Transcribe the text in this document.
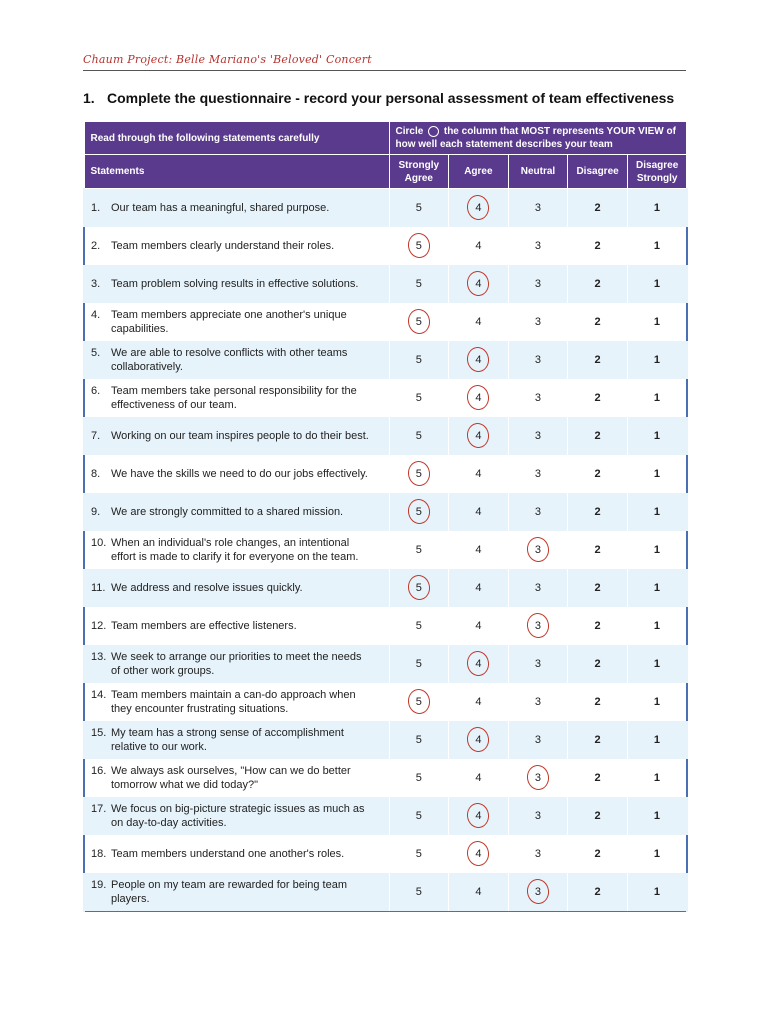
Chaum Project: Belle Mariano's 'Beloved' Concert
1. Complete the questionnaire - record your personal assessment of team effectiveness
Read through the following statements carefully	Circle the column that MOST represents YOUR VIEW of how well each statement describes your team				
Statements	Strongly Agree	Agree	Neutral	Disagree	Disagree Strongly
1. Our team has a meaningful, shared purpose.	5	4	3	2	1
2. Team members clearly understand their roles.	5	4	3	2	1
3. Team problem solving results in effective solutions.	5	4	3	2	1
4. Team members appreciate one another's unique capabilities.	5	4	3	2	1
5. We are able to resolve conflicts with other teams collaboratively.	5	4	3	2	1
6. Team members take personal responsibility for the effectiveness of our team.	5	4	3	2	1
7. Working on our team inspires people to do their best.	5	4	3	2	1
8. We have the skills we need to do our jobs effectively.	5	4	3	2	1
9. We are strongly committed to a shared mission.	5	4	3	2	1
10. When an individual's role changes, an intentional effort is made to clarify it for everyone on the team.	5	4	3	2	1
11. We address and resolve issues quickly.	5	4	3	2	1
12. Team members are effective listeners.	5	4	3	2	1
13. We seek to arrange our priorities to meet the needs of other work groups.	5	4	3	2	1
14. Team members maintain a can-do approach when they encounter frustrating situations.	5	4	3	2	1
15. My team has a strong sense of accomplishment relative to our work.	5	4	3	2	1
16. We always ask ourselves, "How can we do better tomorrow what we did today?"	5	4	3	2	1
17. We focus on big-picture strategic issues as much as on day-to-day activities.	5	4	3	2	1
18. Team members understand one another's roles.	5	4	3	2	1
19. People on my team are rewarded for being team players.	5	4	3	2	1
